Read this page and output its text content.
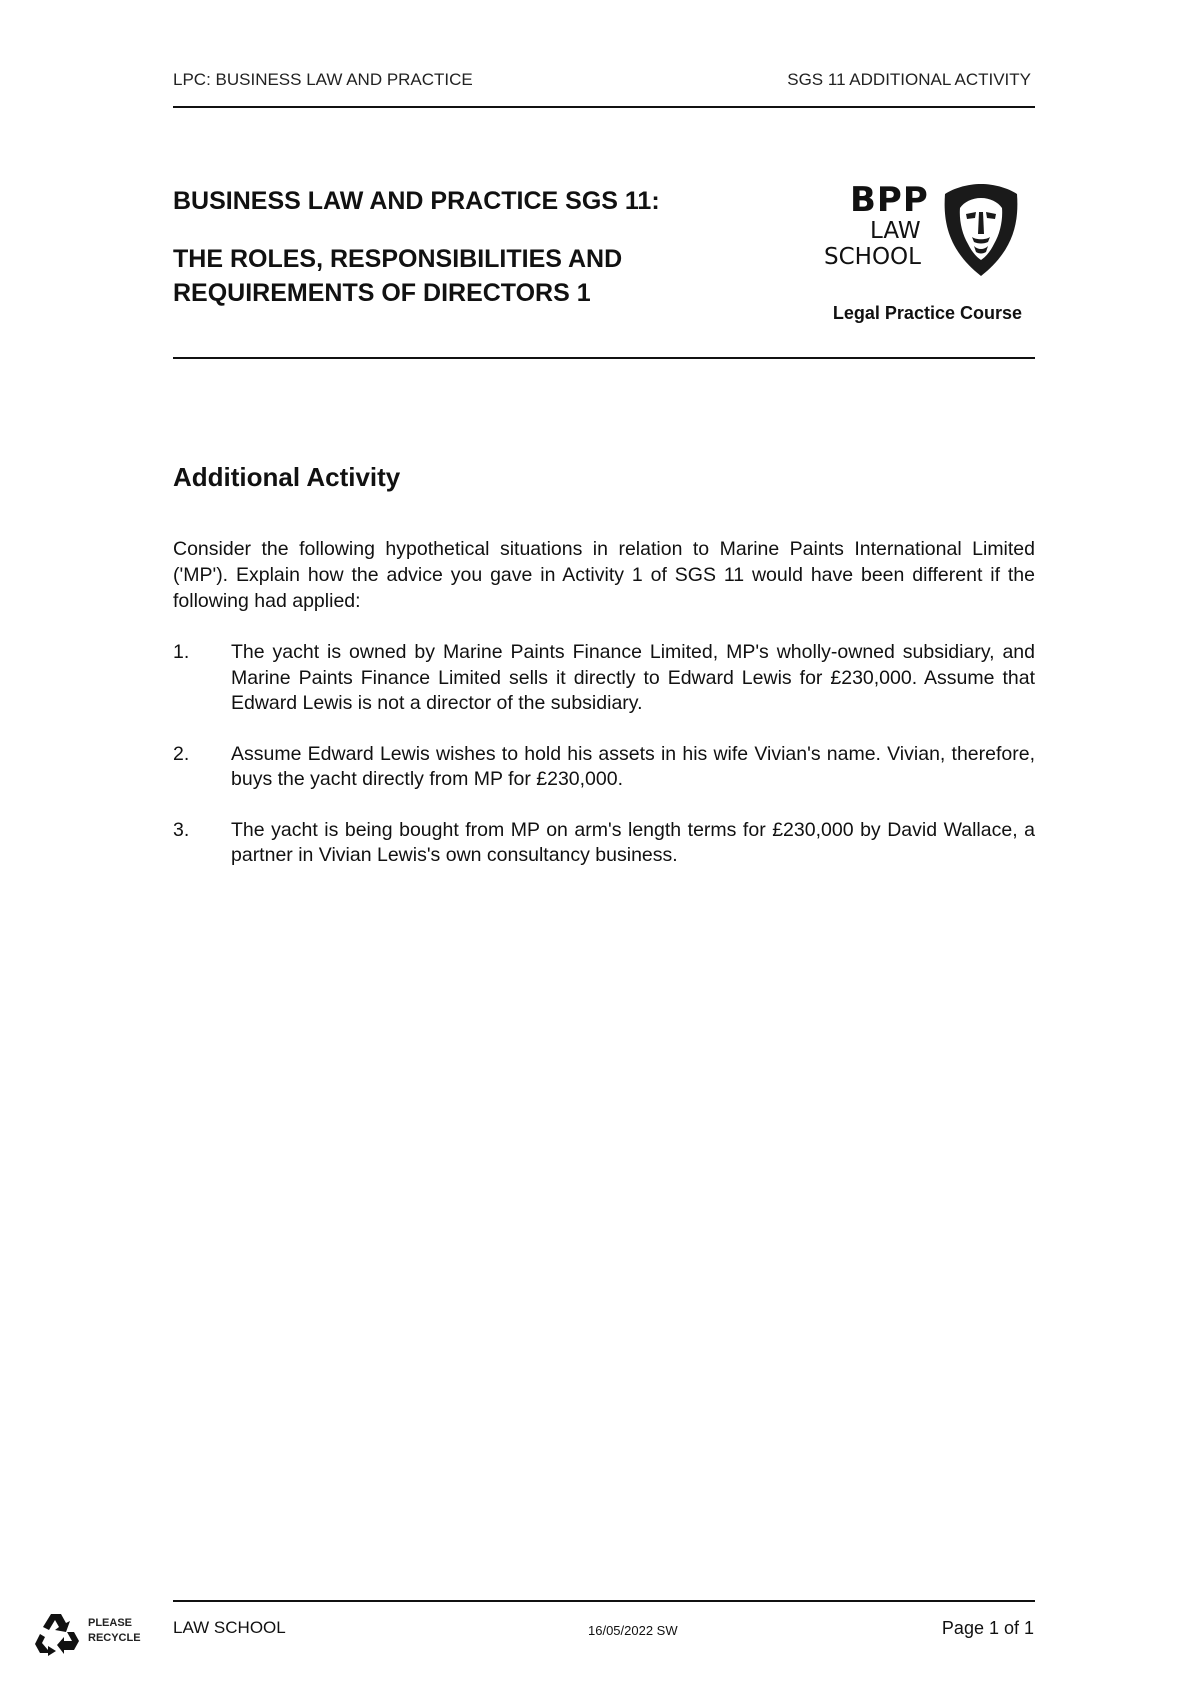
LPC: BUSINESS LAW AND PRACTICE	SGS 11 ADDITIONAL ACTIVITY
BUSINESS LAW AND PRACTICE SGS 11:
THE ROLES, RESPONSIBILITIES AND REQUIREMENTS OF DIRECTORS 1
BPP
LAW
SCHOOL
Legal Practice Course
Additional Activity

Consider the following hypothetical situations in relation to Marine Paints International Limited ('MP'). Explain how the advice you gave in Activity 1 of SGS 11 would have been different if the following had applied:

1.	The yacht is owned by Marine Paints Finance Limited, MP's wholly-owned subsidiary, and Marine Paints Finance Limited sells it directly to Edward Lewis for £230,000. Assume that Edward Lewis is not a director of the subsidiary.
2.	Assume Edward Lewis wishes to hold his assets in his wife Vivian's name. Vivian, therefore, buys the yacht directly from MP for £230,000.
3.	The yacht is being bought from MP on arm's length terms for £230,000 by David Wallace, a partner in Vivian Lewis's own consultancy business.
PLEASE
RECYCLE
LAW SCHOOL	16/05/2022 SW	Page 1 of 1
